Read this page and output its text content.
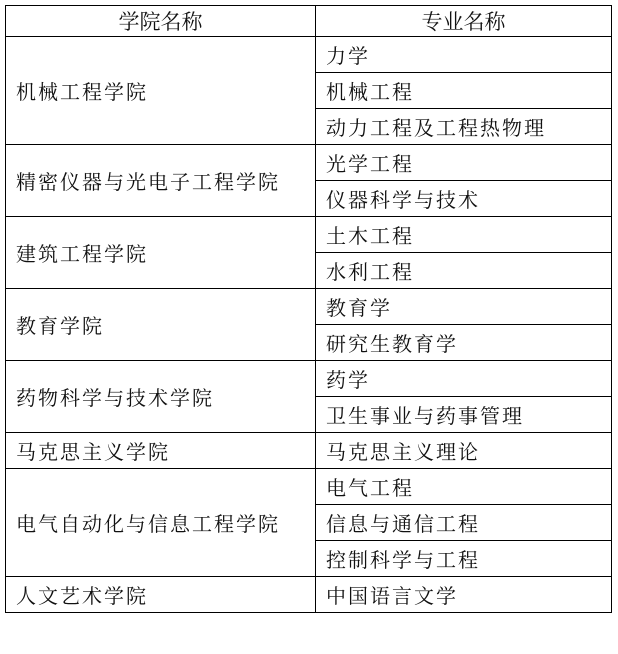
学院名称	专业名称
机械工程学院	力学
	机械工程
	动力工程及工程热物理
精密仪器与光电子工程学院	光学工程
	仪器科学与技术
建筑工程学院	土木工程
	水利工程
教育学院	教育学
	研究生教育学
药物科学与技术学院	药学
	卫生事业与药事管理
马克思主义学院	马克思主义理论
电气自动化与信息工程学院	电气工程
	信息与通信工程
	控制科学与工程
人文艺术学院	中国语言文学
